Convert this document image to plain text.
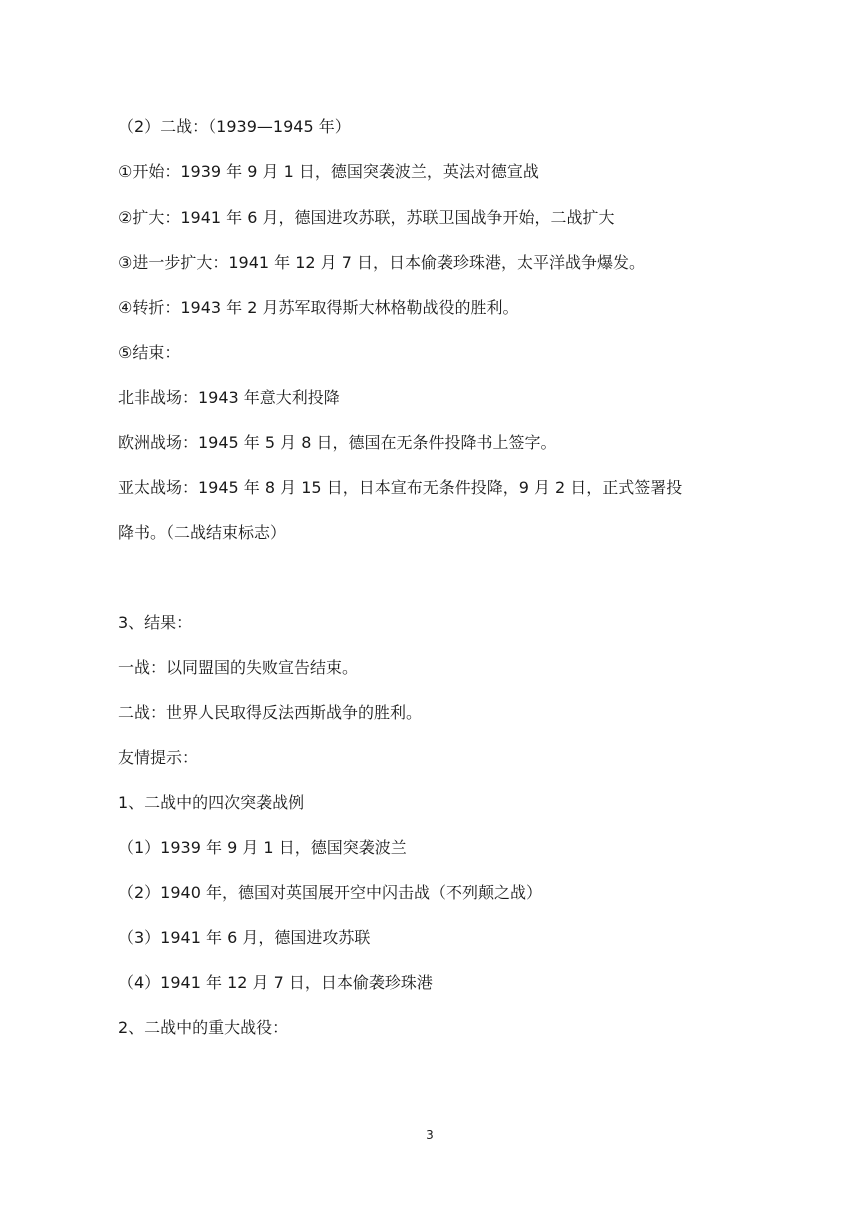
（2）二战：（1939—1945 年）
①开始：1939 年 9 月 1 日，德国突袭波兰，英法对德宣战
②扩大：1941 年 6 月，德国进攻苏联，苏联卫国战争开始，二战扩大
③进一步扩大：1941 年 12 月 7 日，日本偷袭珍珠港，太平洋战争爆发。
④转折：1943 年 2 月苏军取得斯大林格勒战役的胜利。
⑤结束：
北非战场：1943 年意大利投降
欧洲战场：1945 年 5 月 8 日，德国在无条件投降书上签字。
亚太战场：1945 年 8 月 15 日，日本宣布无条件投降，9 月 2 日，正式签署投
降书。（二战结束标志）
3、结果：
一战：以同盟国的失败宣告结束。
二战：世界人民取得反法西斯战争的胜利。
友情提示：
1、二战中的四次突袭战例
（1）1939 年 9 月 1 日，德国突袭波兰
（2）1940 年，德国对英国展开空中闪击战（不列颠之战）
（3）1941 年 6 月，德国进攻苏联
（4）1941 年 12 月 7 日，日本偷袭珍珠港
2、二战中的重大战役：
3
